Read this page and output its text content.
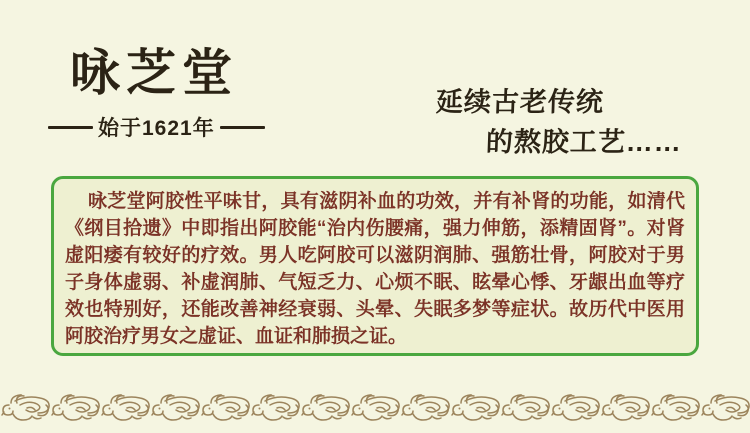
咏芝堂
始于1621年
延续古老传统
的熬胶工艺……

咏芝堂阿胶性平味甘，具有滋阴补血的功效，并有补肾的功能，如清代《纲目拾遗》中即指出阿胶能“治内伤腰痛，强力伸筋，添精固肾”。对肾虚阳痿有较好的疗效。男人吃阿胶可以滋阴润肺、强筋壮骨，阿胶对于男子身体虚弱、补虚润肺、气短乏力、心烦不眠、眩晕心悸、牙龈出血等疗效也特别好，还能改善神经衰弱、头晕、失眠多梦等症状。故历代中医用阿胶治疗男女之虚证、血证和肺损之证。
